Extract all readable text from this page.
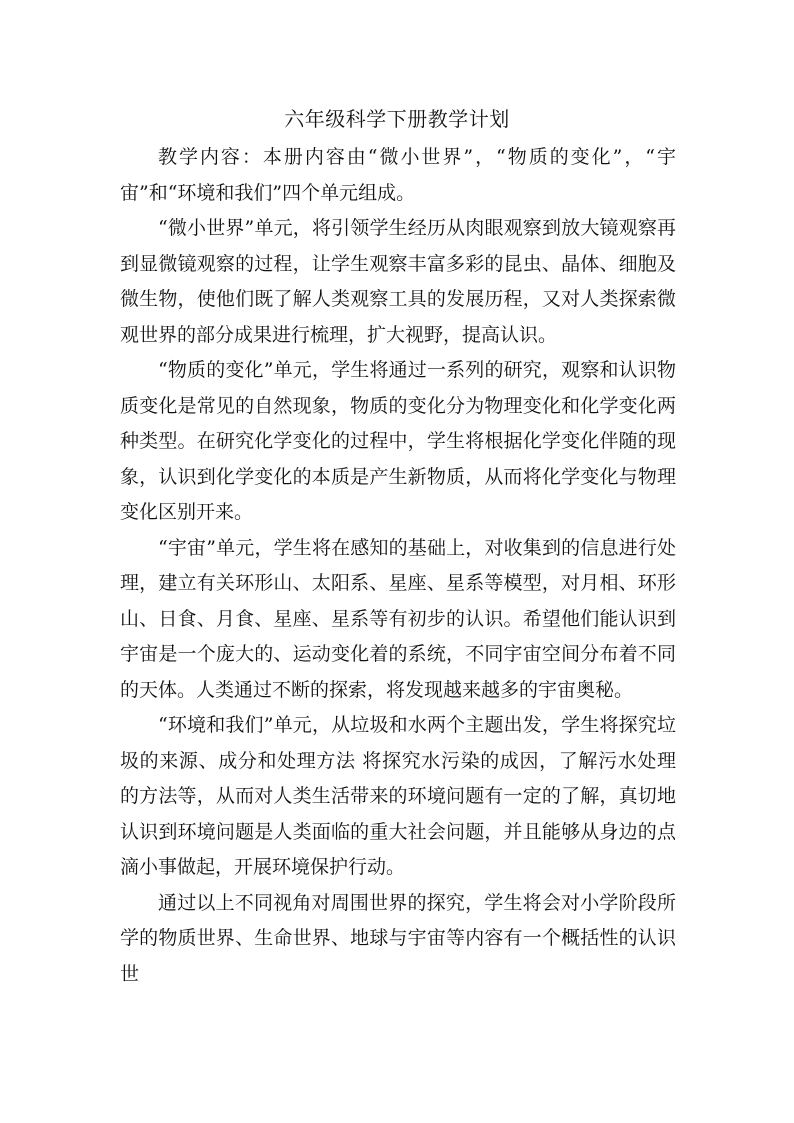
六年级科学下册教学计划

教学内容：本册内容由“微小世界”，“物质的变化”，“宇宙”和“环境和我们”四个单元组成。

“微小世界”单元，将引领学生经历从肉眼观察到放大镜观察再到显微镜观察的过程，让学生观察丰富多彩的昆虫、晶体、细胞及微生物，使他们既了解人类观察工具的发展历程，又对人类探索微观世界的部分成果进行梳理，扩大视野，提高认识。

“物质的变化”单元，学生将通过一系列的研究，观察和认识物质变化是常见的自然现象，物质的变化分为物理变化和化学变化两种类型。在研究化学变化的过程中，学生将根据化学变化伴随的现象，认识到化学变化的本质是产生新物质，从而将化学变化与物理变化区别开来。

“宇宙”单元，学生将在感知的基础上，对收集到的信息进行处理，建立有关环形山、太阳系、星座、星系等模型，对月相、环形山、日食、月食、星座、星系等有初步的认识。希望他们能认识到宇宙是一个庞大的、运动变化着的系统，不同宇宙空间分布着不同的天体。人类通过不断的探索，将发现越来越多的宇宙奥秘。

“环境和我们”单元，从垃圾和水两个主题出发，学生将探究垃圾的来源、成分和处理方法 将探究水污染的成因，了解污水处理的方法等，从而对人类生活带来的环境问题有一定的了解，真切地认识到环境问题是人类面临的重大社会问题，并且能够从身边的点滴小事做起，开展环境保护行动。

通过以上不同视角对周围世界的探究，学生将会对小学阶段所学的物质世界、生命世界、地球与宇宙等内容有一个概括性的认识 世
